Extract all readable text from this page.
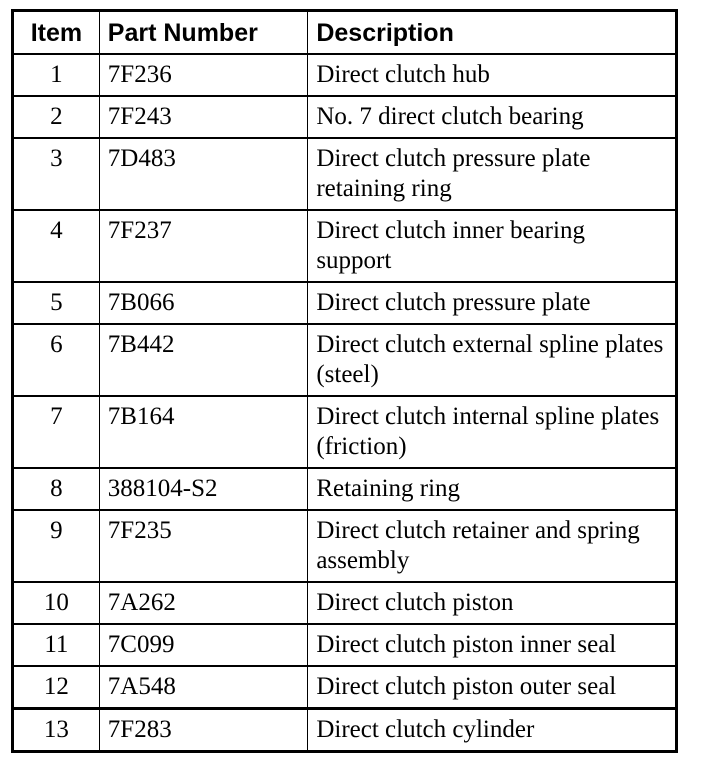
Item	Part Number	Description
1	7F236	Direct clutch hub
2	7F243	No. 7 direct clutch bearing
3	7D483	Direct clutch pressure plate retaining ring
4	7F237	Direct clutch inner bearing support
5	7B066	Direct clutch pressure plate
6	7B442	Direct clutch external spline plates (steel)
7	7B164	Direct clutch internal spline plates (friction)
8	388104-S2	Retaining ring
9	7F235	Direct clutch retainer and spring assembly
10	7A262	Direct clutch piston
11	7C099	Direct clutch piston inner seal
12	7A548	Direct clutch piston outer seal
13	7F283	Direct clutch cylinder
